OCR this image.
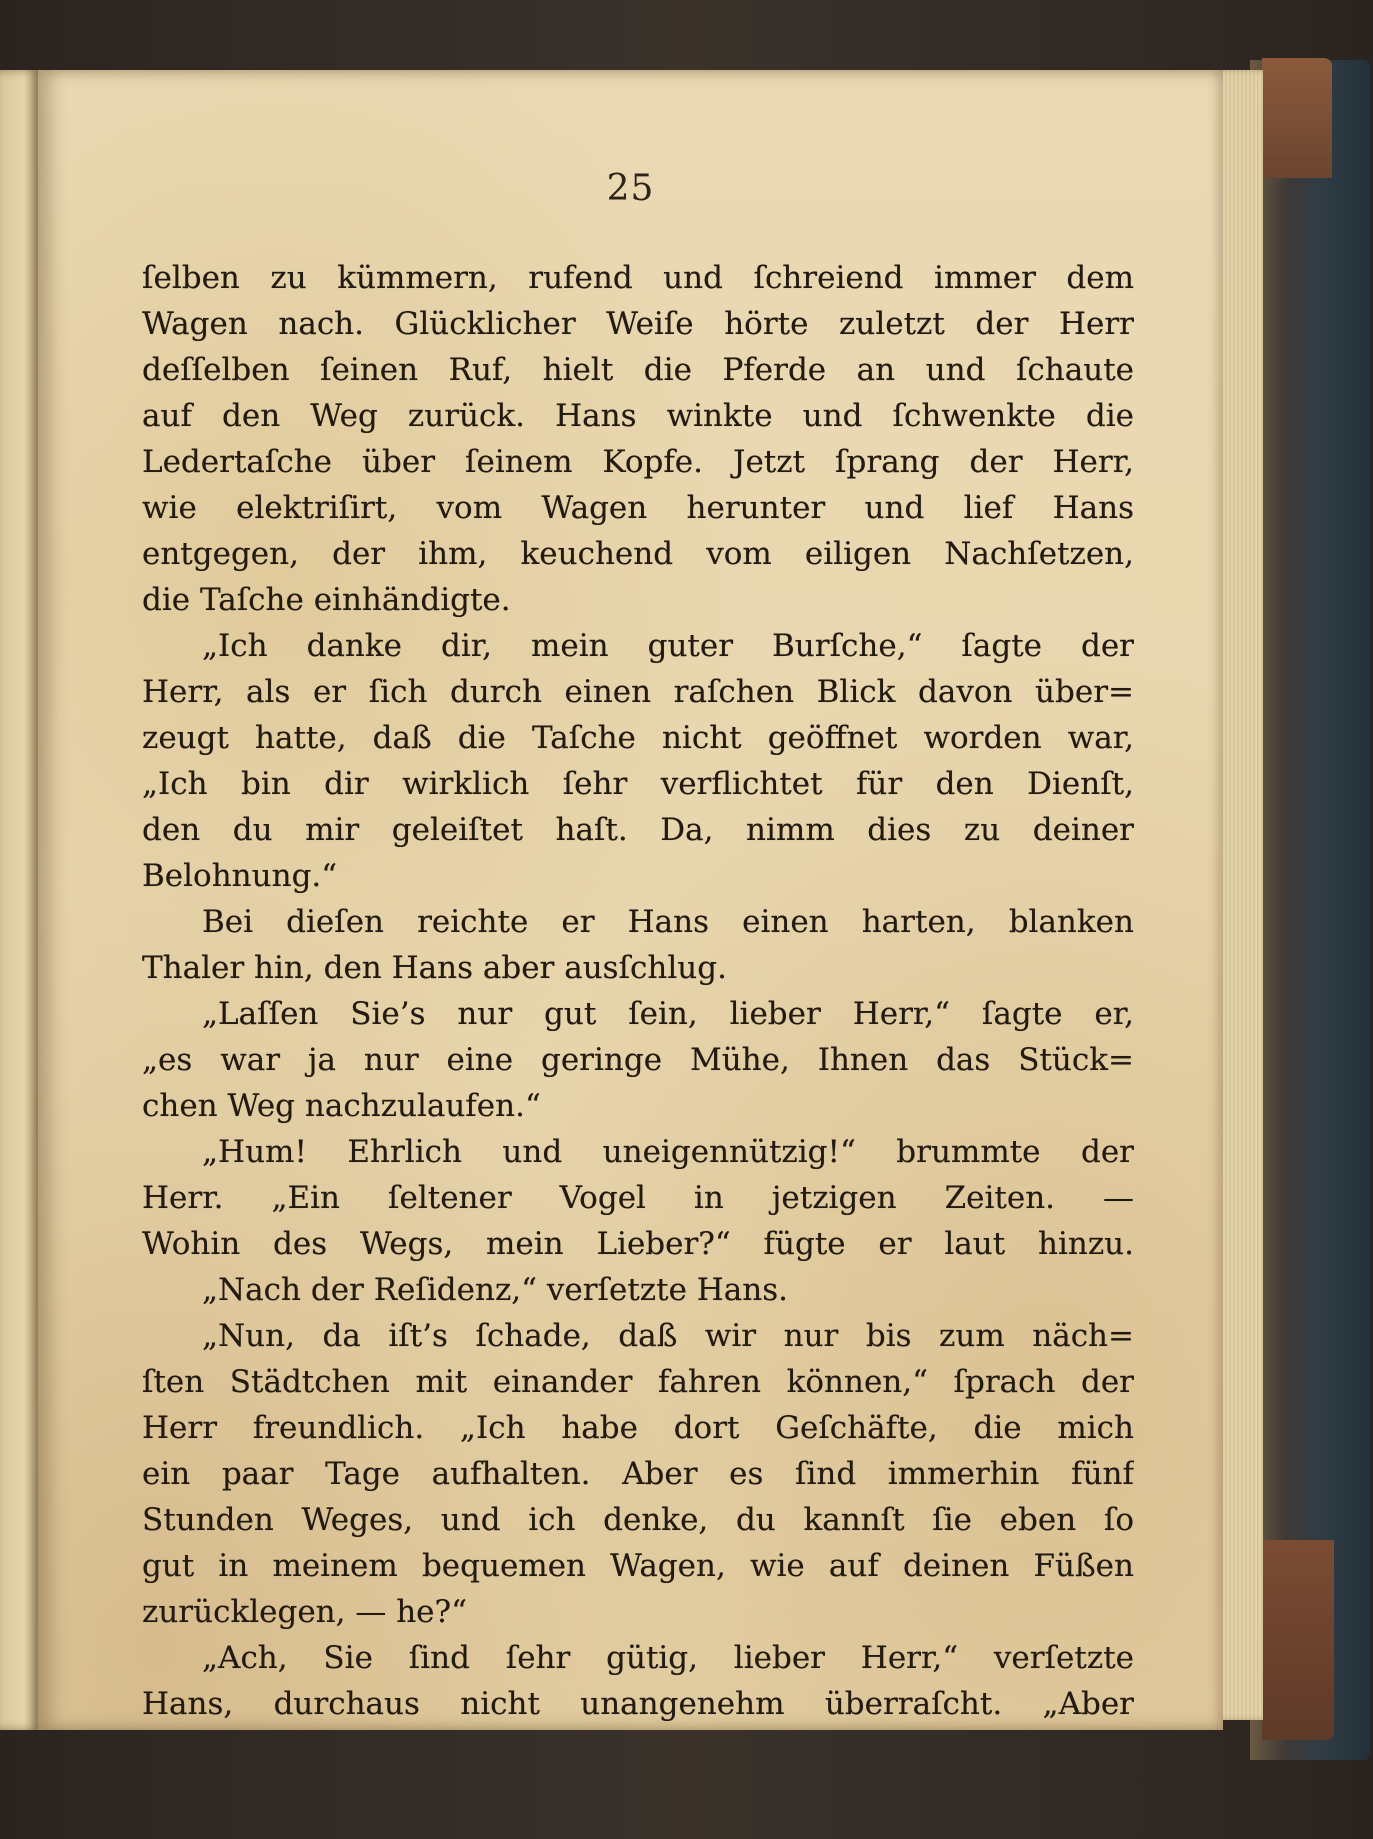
25
ſelben zu kümmern, rufend und ſchreiend immer dem
Wagen nach. Glücklicher Weiſe hörte zuletzt der Herr
deſſelben ſeinen Ruf, hielt die Pferde an und ſchaute
auf den Weg zurück. Hans winkte und ſchwenkte die
Ledertaſche über ſeinem Kopfe. Jetzt ſprang der Herr,
wie elektriſirt, vom Wagen herunter und lief Hans
entgegen, der ihm, keuchend vom eiligen Nachſetzen,
die Taſche einhändigte.
„Ich danke dir, mein guter Burſche,“ ſagte der
Herr, als er ſich durch einen raſchen Blick davon über=
zeugt hatte, daß die Taſche nicht geöffnet worden war,
„Ich bin dir wirklich ſehr verflichtet für den Dienſt,
den du mir geleiſtet haſt. Da, nimm dies zu deiner
Belohnung.“
Bei dieſen reichte er Hans einen harten, blanken
Thaler hin, den Hans aber ausſchlug.
„Laſſen Sie’s nur gut ſein, lieber Herr,“ ſagte er,
„es war ja nur eine geringe Mühe, Ihnen das Stück=
chen Weg nachzulaufen.“
„Hum! Ehrlich und uneigennützig!“ brummte der
Herr. „Ein ſeltener Vogel in jetzigen Zeiten. —
Wohin des Wegs, mein Lieber?“ fügte er laut hinzu.
„Nach der Reſidenz,“ verſetzte Hans.
„Nun, da iſt’s ſchade, daß wir nur bis zum näch=
ſten Städtchen mit einander fahren können,“ ſprach der
Herr freundlich. „Ich habe dort Geſchäfte, die mich
ein paar Tage aufhalten. Aber es ſind immerhin fünf
Stunden Weges, und ich denke, du kannſt ſie eben ſo
gut in meinem bequemen Wagen, wie auf deinen Füßen
zurücklegen, — he?“
„Ach, Sie ſind ſehr gütig, lieber Herr,“ verſetzte
Hans, durchaus nicht unangenehm überraſcht. „Aber
